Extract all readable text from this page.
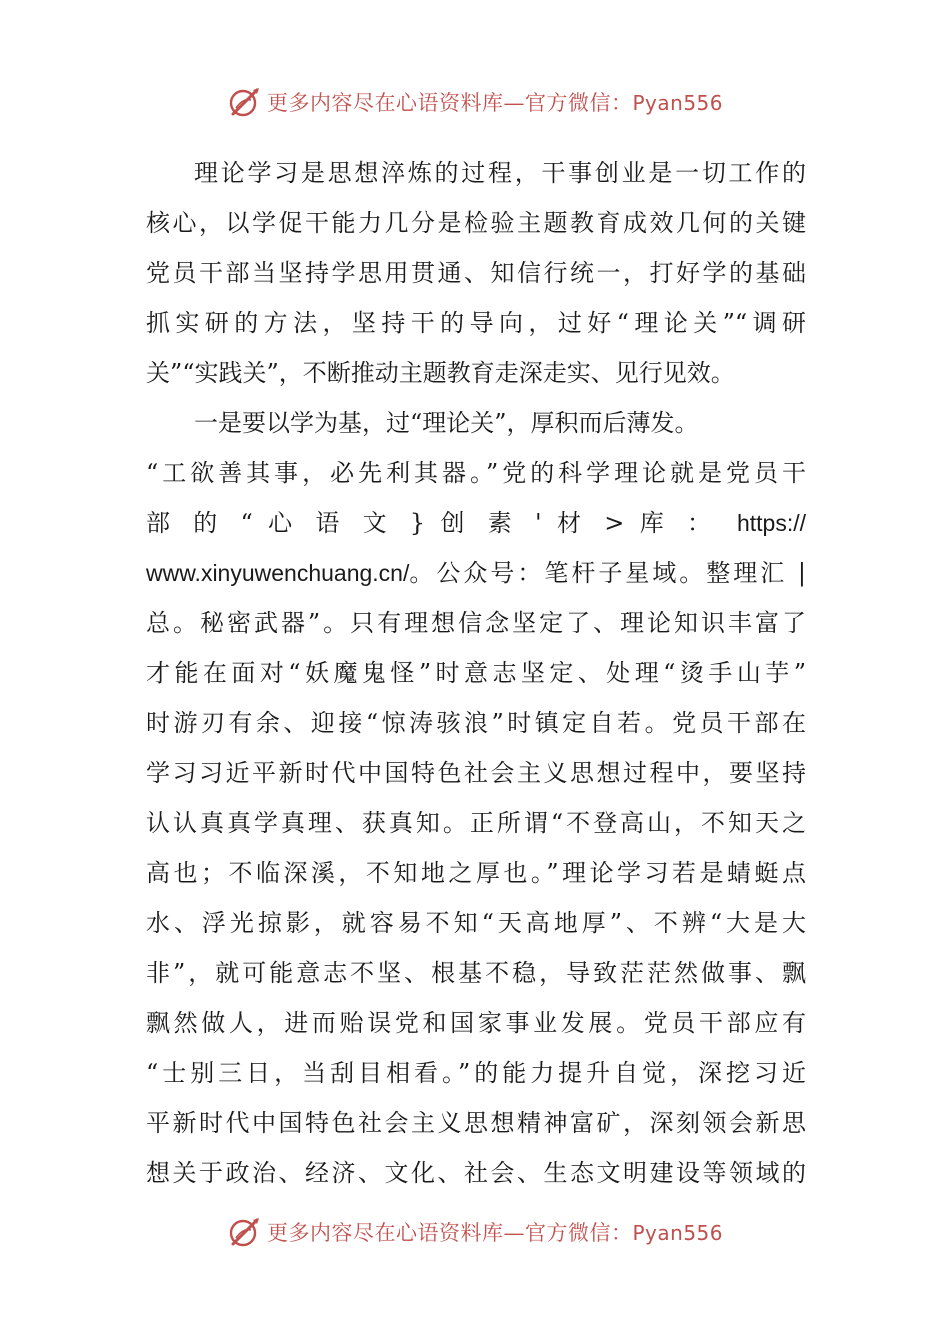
更多内容尽在心语资料库—官方微信：Pyan556
理论学习是思想淬炼的过程，干事创业是一切工作的
核心，以学促干能力几分是检验主题教育成效几何的关键
党员干部当坚持学思用贯通、知信行统一，打好学的基础
抓实研的方法，坚持干的导向，过好“理论关”“调研
关”“实践关”，不断推动主题教育走深走实、见行见效。
一是要以学为基，过“理论关”，厚积而后薄发。
“工欲善其事，必先利其器。”党的科学理论就是党员干
部 的 “ 心 语 文 } 创 素 ' 材 > 库 ：	https://
www.xinyuwenchuang.cn/ 。公众号：笔杆子星域。整理汇 |
总。秘密武器”。只有理想信念坚定了、理论知识丰富了
才能在面对“妖魔鬼怪”时意志坚定、处理“烫手山芋”
时游刃有余、迎接“惊涛骇浪”时镇定自若。党员干部在
学习习近平新时代中国特色社会主义思想过程中，要坚持
认认真真学真理、获真知。正所谓“不登高山，不知天之
高也；不临深溪，不知地之厚也。”理论学习若是蜻蜓点
水、浮光掠影，就容易不知“天高地厚”、不辨“大是大
非”，就可能意志不坚、根基不稳，导致茫茫然做事、飘
飘然做人，进而贻误党和国家事业发展。党员干部应有
“士别三日，当刮目相看。”的能力提升自觉，深挖习近
平新时代中国特色社会主义思想精神富矿，深刻领会新思
想关于政治、经济、文化、社会、生态文明建设等领域的
更多内容尽在心语资料库—官方微信：Pyan556
